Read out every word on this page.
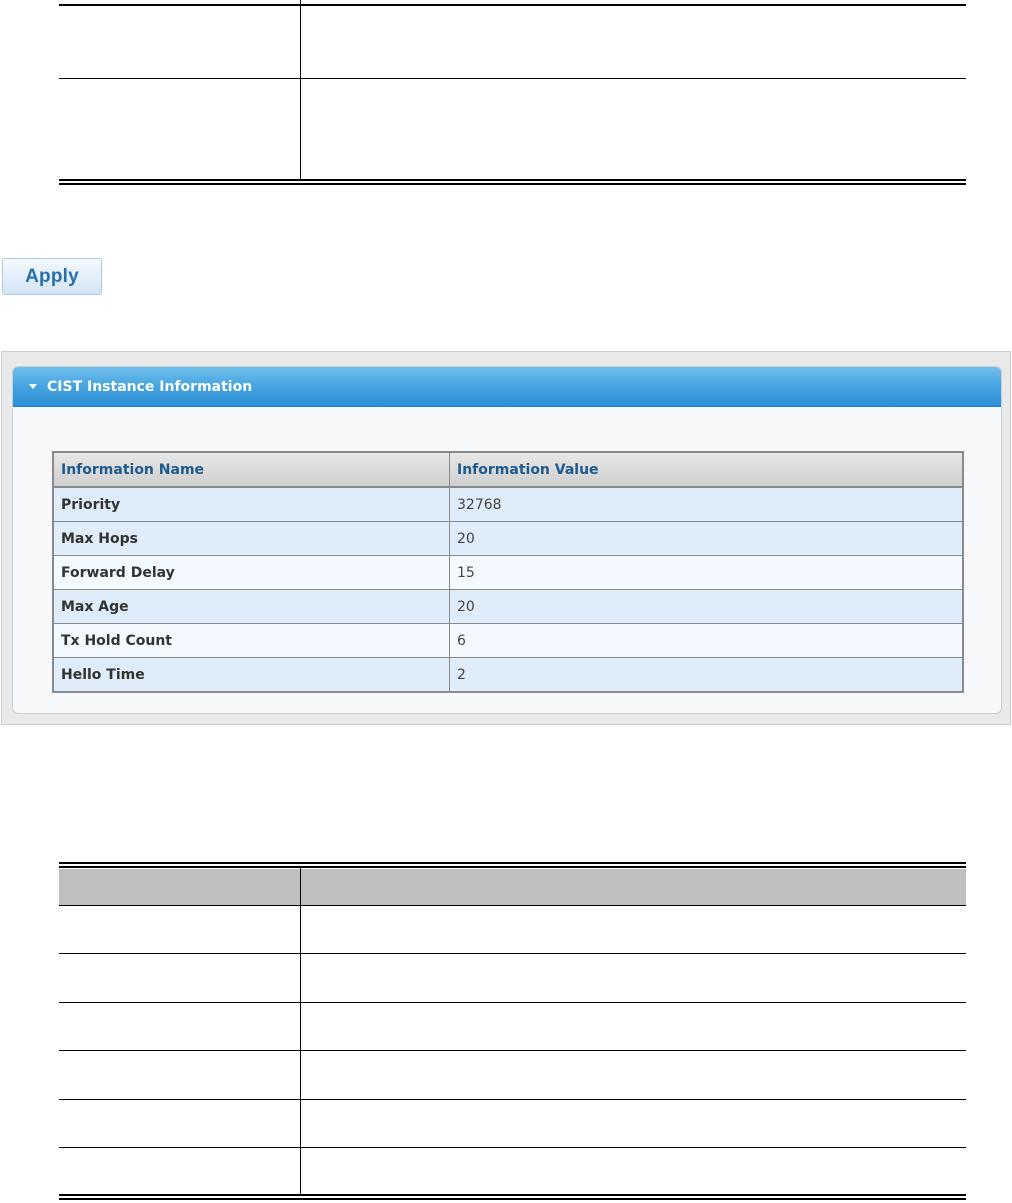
Apply
CIST Instance Information
Information Name	Information Value
Priority	32768
Max Hops	20
Forward Delay	15
Max Age	20
Tx Hold Count	6
Hello Time	2
